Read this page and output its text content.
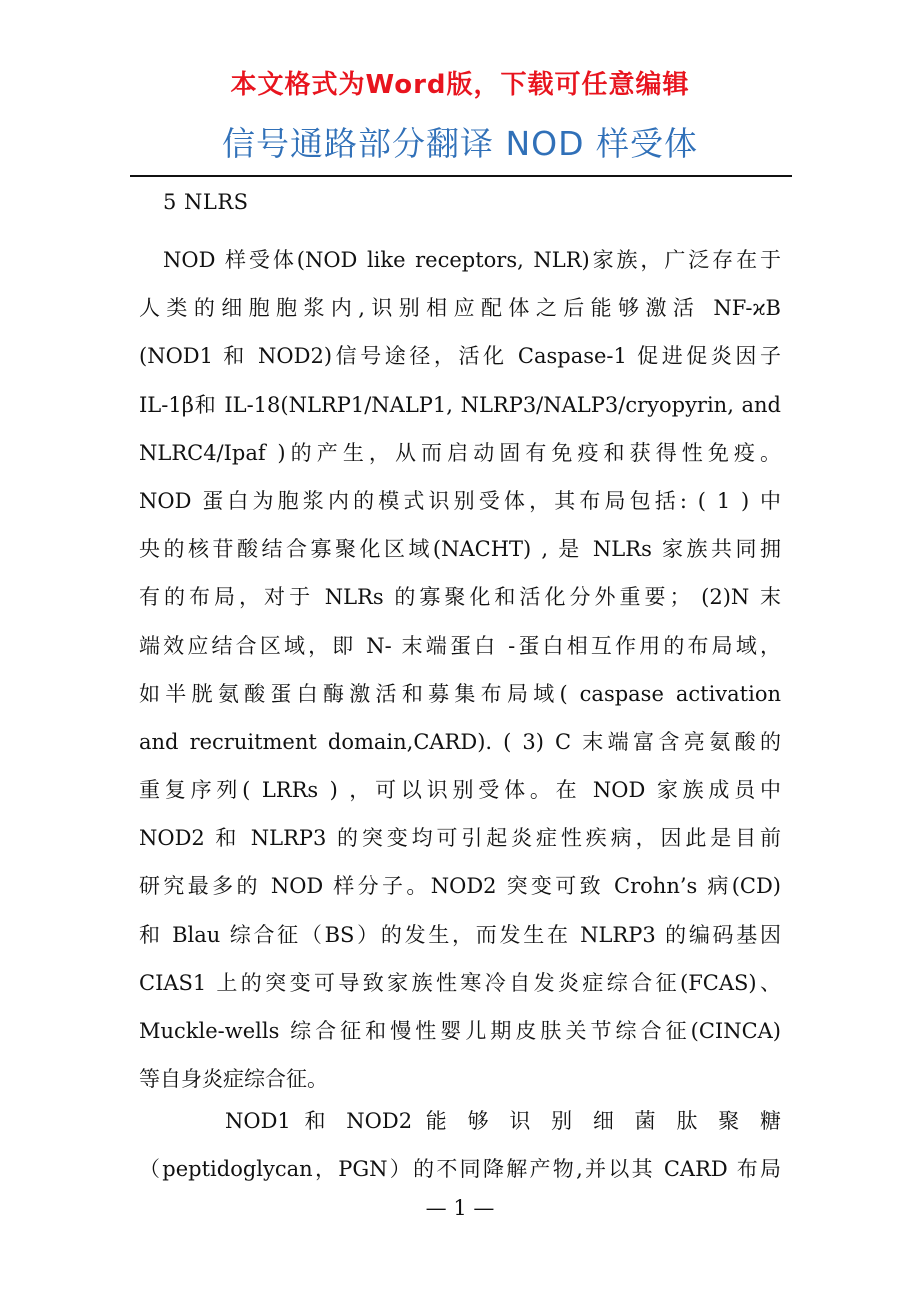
本文格式为Word版，下载可任意编辑
信号通路部分翻译 NOD 样受体
5 NLRS
NOD 样受体(NOD like receptors, NLR)家族，广泛存在于
人类的细胞胞浆内,识别相应配体之后能够激活 NF-ϰB
(NOD1 和 NOD2)信号途径，活化 Caspase-1 促进促炎因子
IL-1β和 IL-18(NLRP1/NALP1, NLRP3/NALP3/cryopyrin, and
NLRC4/Ipaf )的产生，从而启动固有免疫和获得性免疫。
NOD 蛋白为胞浆内的模式识别受体，其布局包括: ( 1 ) 中
央的核苷酸结合寡聚化区域(NACHT) , 是 NLRs 家族共同拥
有的布局，对于 NLRs 的寡聚化和活化分外重要； (2)N 末
端效应结合区域，即 N- 末端蛋白 -蛋白相互作用的布局域，
如半胱氨酸蛋白酶激活和募集布局域( caspase activation
and recruitment domain,CARD). ( 3) C 末端富含亮氨酸的
重复序列( LRRs ) ，可以识别受体。在 NOD 家族成员中
NOD2 和 NLRP3 的突变均可引起炎症性疾病，因此是目前
研究最多的 NOD 样分子。NOD2 突变可致 Crohn’s 病(CD)
和 Blau 综合征（BS）的发生，而发生在 NLRP3 的编码基因
CIAS1 上的突变可导致家族性寒冷自发炎症综合征(FCAS)、
Muckle-wells 综合征和慢性婴儿期皮肤关节综合征(CINCA)
等自身炎症综合征。
NOD1 和 NOD2 能 够 识 别 细 菌 肽 聚 糖
（peptidoglycan，PGN）的不同降解产物,并以其 CARD 布局
— 1 —
